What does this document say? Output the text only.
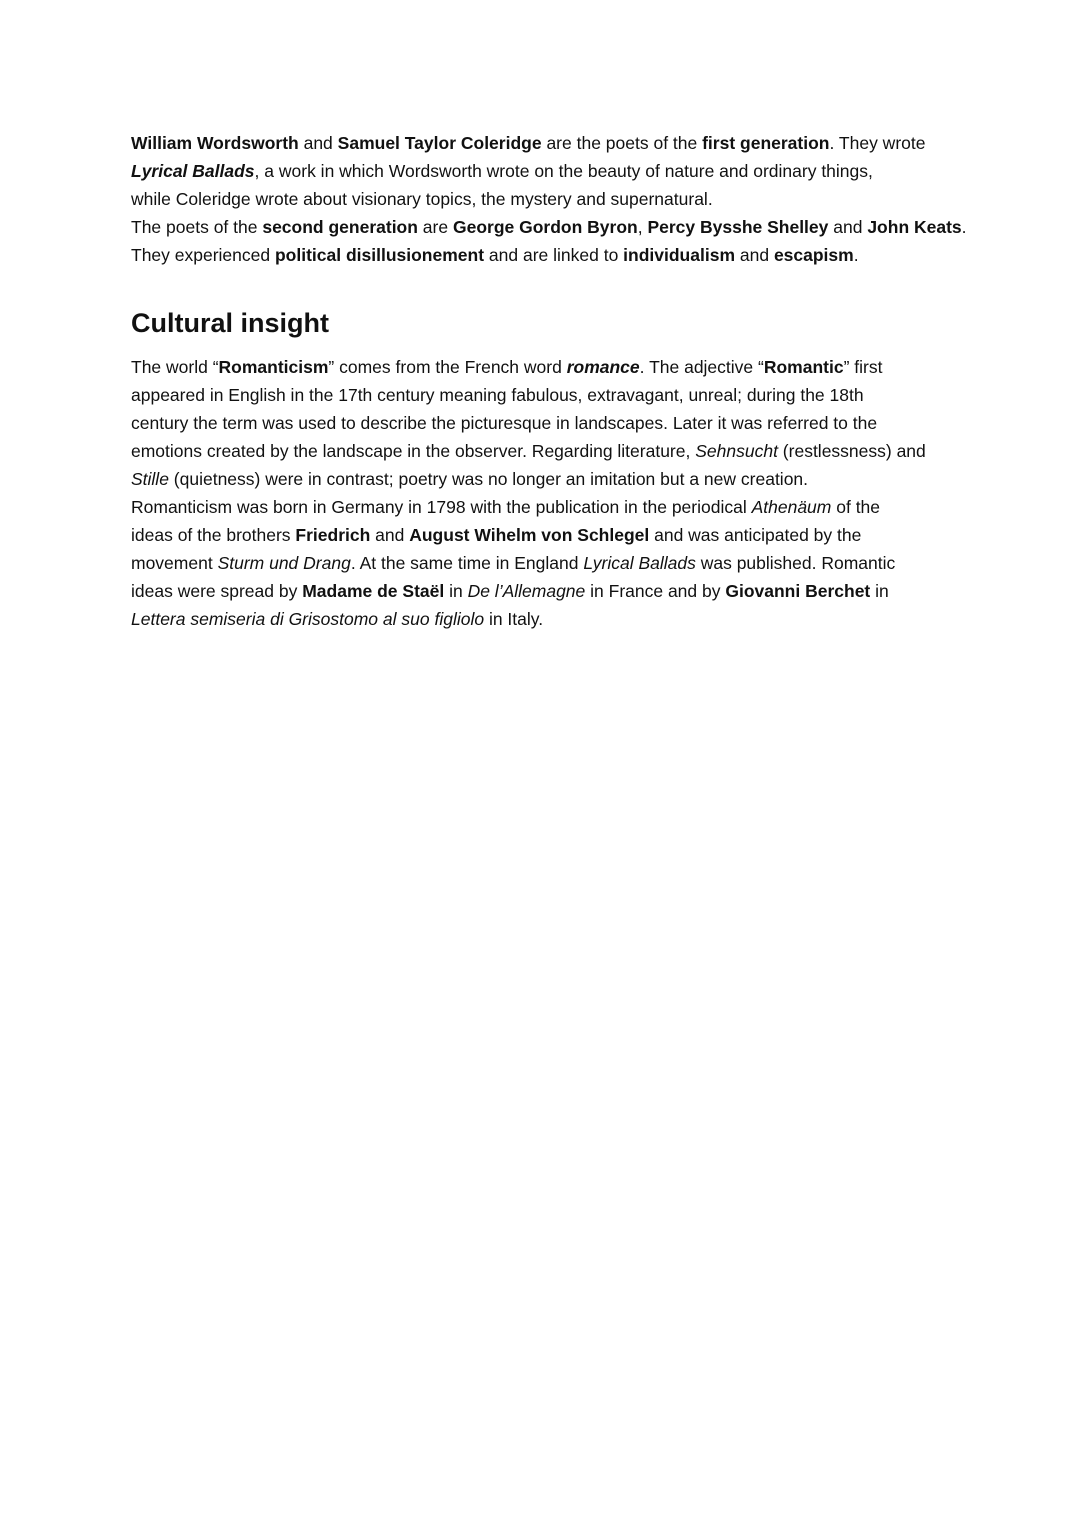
William Wordsworth and Samuel Taylor Coleridge are the poets of the first generation. They wrote
Lyrical Ballads, a work in which Wordsworth wrote on the beauty of nature and ordinary things,
while Coleridge wrote about visionary topics, the mystery and supernatural.
The poets of the second generation are George Gordon Byron, Percy Bysshe Shelley and John Keats.
They experienced political disillusionement and are linked to individualism and escapism.

Cultural insight

The world “Romanticism” comes from the French word romance. The adjective “Romantic” first
appeared in English in the 17th century meaning fabulous, extravagant, unreal; during the 18th
century the term was used to describe the picturesque in landscapes. Later it was referred to the
emotions created by the landscape in the observer. Regarding literature, Sehnsucht (restlessness) and
Stille (quietness) were in contrast; poetry was no longer an imitation but a new creation.
Romanticism was born in Germany in 1798 with the publication in the periodical Athenäum of the
ideas of the brothers Friedrich and August Wihelm von Schlegel and was anticipated by the
movement Sturm und Drang. At the same time in England Lyrical Ballads was published. Romantic
ideas were spread by Madame de Staël in De l’Allemagne in France and by Giovanni Berchet in
Lettera semiseria di Grisostomo al suo figliolo in Italy.
